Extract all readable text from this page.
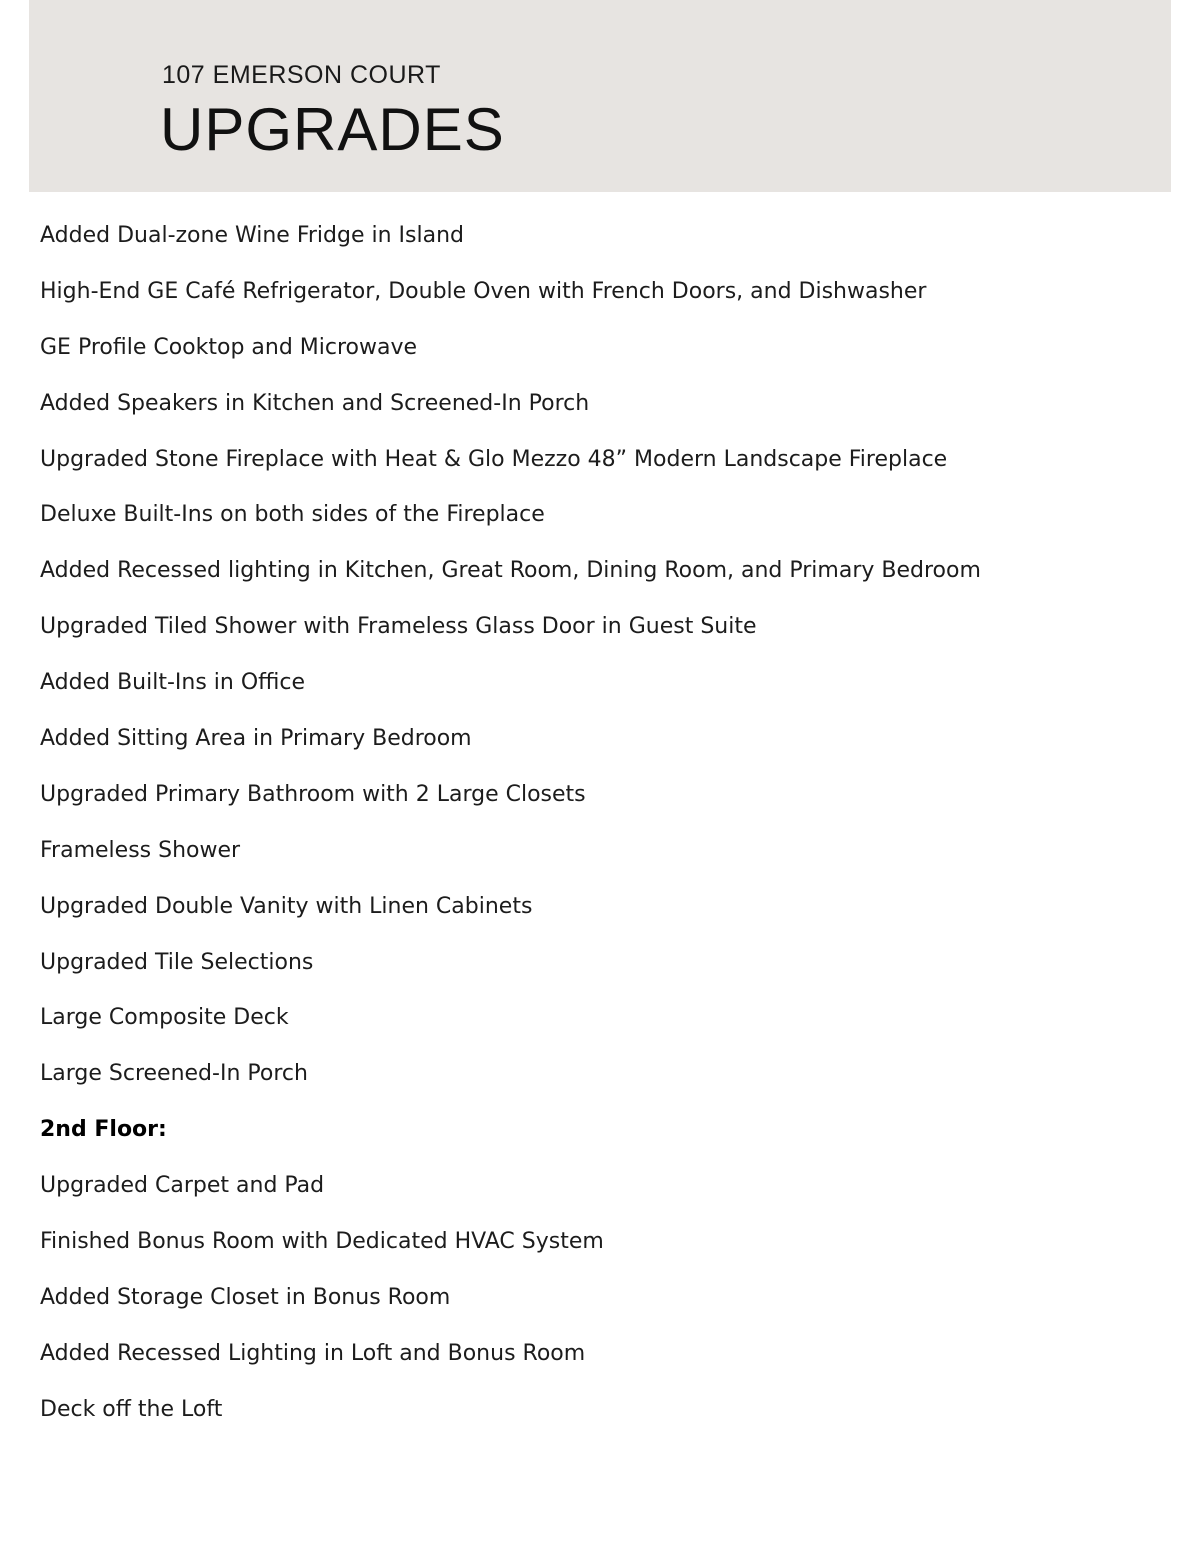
107 EMERSON COURT
UPGRADES
Added Dual-zone Wine Fridge in Island
High-End GE Café Refrigerator, Double Oven with French Doors, and Dishwasher
GE Profile Cooktop and Microwave
Added Speakers in Kitchen and Screened-In Porch
Upgraded Stone Fireplace with Heat & Glo Mezzo 48” Modern Landscape Fireplace
Deluxe Built-Ins on both sides of the Fireplace
Added Recessed lighting in Kitchen, Great Room, Dining Room, and Primary Bedroom
Upgraded Tiled Shower with Frameless Glass Door in Guest Suite
Added Built-Ins in Office
Added Sitting Area in Primary Bedroom
Upgraded Primary Bathroom with 2 Large Closets
Frameless Shower
Upgraded Double Vanity with Linen Cabinets
Upgraded Tile Selections
Large Composite Deck
Large Screened-In Porch
2nd Floor:
Upgraded Carpet and Pad
Finished Bonus Room with Dedicated HVAC System
Added Storage Closet in Bonus Room
Added Recessed Lighting in Loft and Bonus Room
Deck off the Loft
